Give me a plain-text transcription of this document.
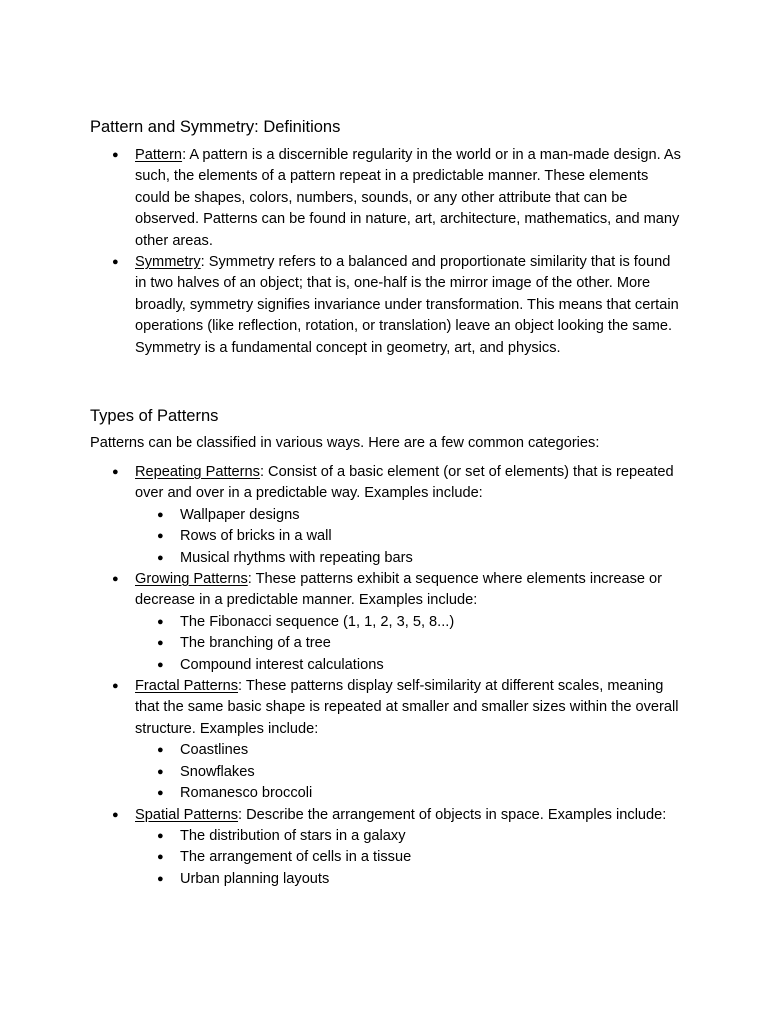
Pattern and Symmetry: Definitions
● Pattern: A pattern is a discernible regularity in the world or in a man-made design. As such, the elements of a pattern repeat in a predictable manner. These elements could be shapes, colors, numbers, sounds, or any other attribute that can be observed. Patterns can be found in nature, art, architecture, mathematics, and many other areas.
● Symmetry: Symmetry refers to a balanced and proportionate similarity that is found in two halves of an object; that is, one-half is the mirror image of the other. More broadly, symmetry signifies invariance under transformation. This means that certain operations (like reflection, rotation, or translation) leave an object looking the same. Symmetry is a fundamental concept in geometry, art, and physics.
Types of Patterns

Patterns can be classified in various ways. Here are a few common categories:

● Repeating Patterns: Consist of a basic element (or set of elements) that is repeated over and over in a predictable way. Examples include:
● Wallpaper designs
● Rows of bricks in a wall
● Musical rhythms with repeating bars
● Growing Patterns: These patterns exhibit a sequence where elements increase or decrease in a predictable manner. Examples include:
● The Fibonacci sequence (1, 1, 2, 3, 5, 8...)
● The branching of a tree
● Compound interest calculations
● Fractal Patterns: These patterns display self-similarity at different scales, meaning that the same basic shape is repeated at smaller and smaller sizes within the overall structure. Examples include:
● Coastlines
● Snowflakes
● Romanesco broccoli
● Spatial Patterns: Describe the arrangement of objects in space. Examples include:
● The distribution of stars in a galaxy
● The arrangement of cells in a tissue
● Urban planning layouts
